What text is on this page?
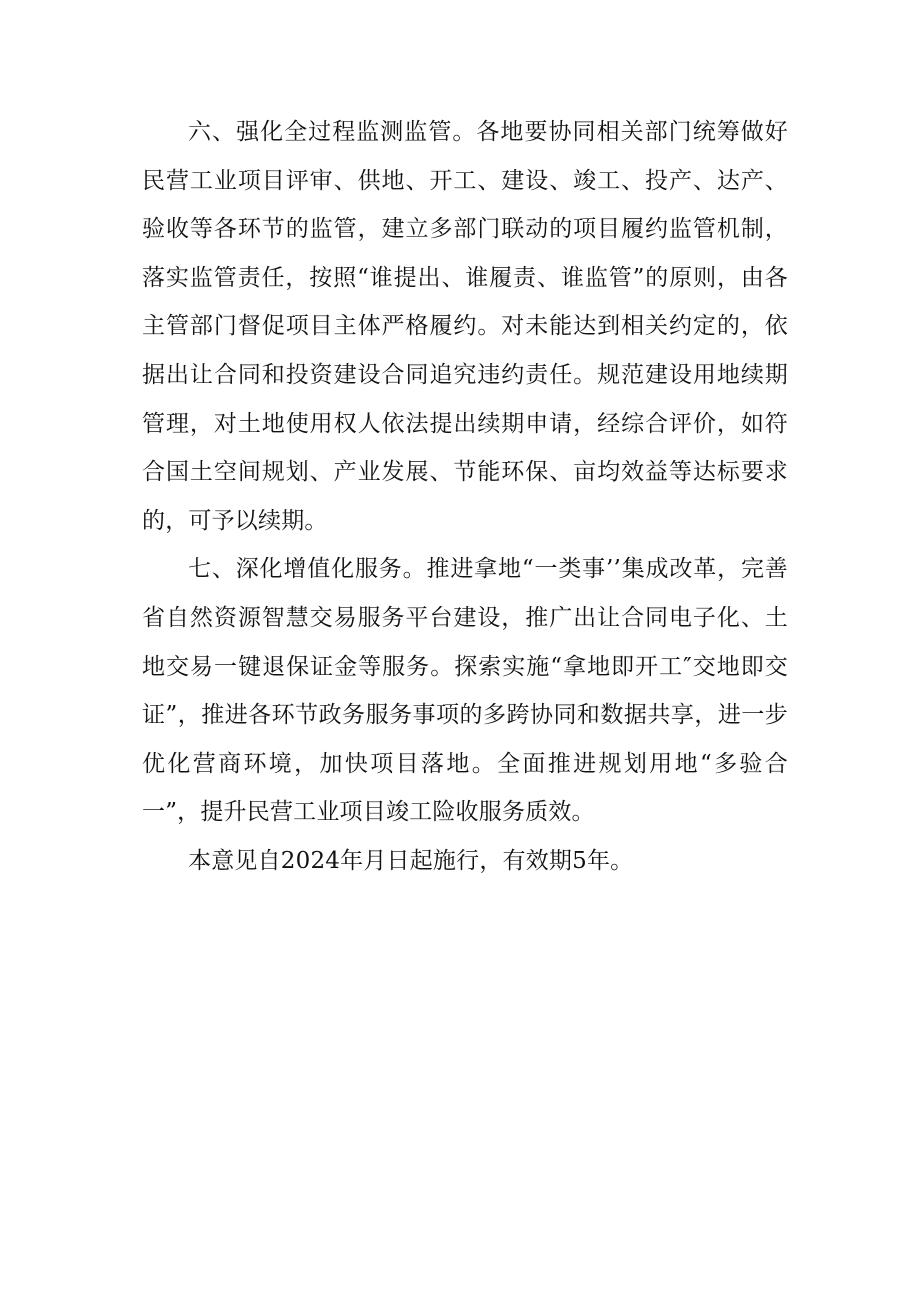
六、强化全过程监测监管。各地要协同相关部门统筹做好民营工业项目评审、供地、开工、建设、竣工、投产、达产、验收等各环节的监管，建立多部门联动的项目履约监管机制，落实监管责任，按照“谁提出、谁履责、谁监管”的原则，由各主管部门督促项目主体严格履约。对未能达到相关约定的，依据出让合同和投资建设合同追究违约责任。规范建设用地续期管理，对土地使用权人依法提出续期申请，经综合评价，如符合国土空间规划、产业发展、节能环保、亩均效益等达标要求的，可予以续期。

七、深化增值化服务。推进拿地“一类事’’集成改革，完善省自然资源智慧交易服务平台建设，推广出让合同电子化、土地交易一键退保证金等服务。探索实施“拿地即开工″交地即交证”，推进各环节政务服务事项的多跨协同和数据共享，进一步优化营商环境，加快项目落地。全面推进规划用地“多验合一”，提升民营工业项目竣工险收服务质效。

本意见自2024年月日起施行，有效期5年。
